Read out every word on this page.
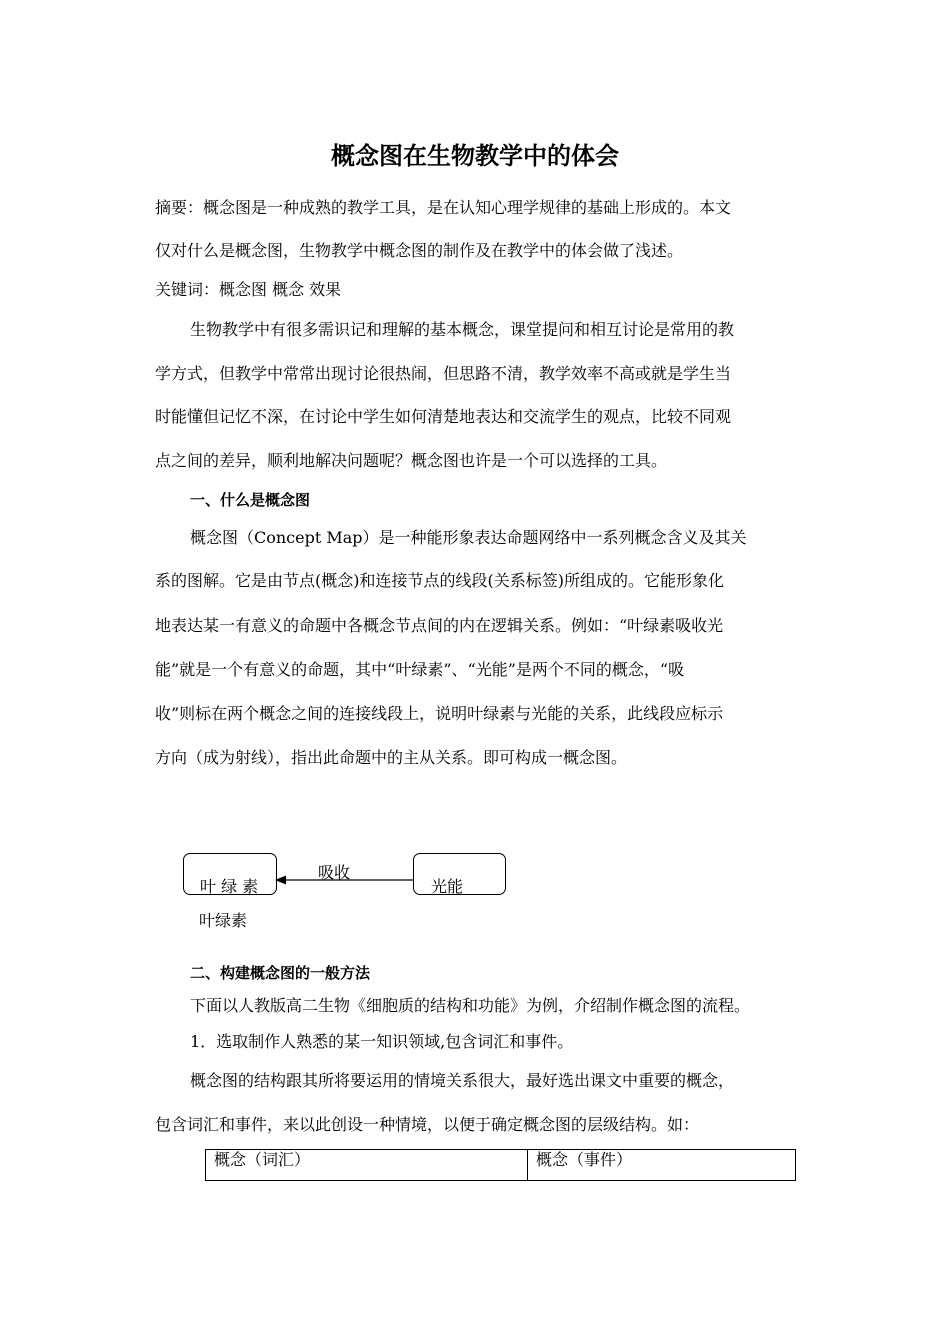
概念图在生物教学中的体会
摘要：概念图是一种成熟的教学工具，是在认知心理学规律的基础上形成的。本文
仅对什么是概念图，生物教学中概念图的制作及在教学中的体会做了浅述。
关键词：概念图 概念 效果
生物教学中有很多需识记和理解的基本概念，课堂提问和相互讨论是常用的教
学方式，但教学中常常出现讨论很热闹，但思路不清，教学效率不高或就是学生当
时能懂但记忆不深，在讨论中学生如何清楚地表达和交流学生的观点，比较不同观
点之间的差异，顺利地解决问题呢？概念图也许是一个可以选择的工具。
一、什么是概念图
概念图（Concept Map）是一种能形象表达命题网络中一系列概念含义及其关
系的图解。它是由节点(概念)和连接节点的线段(关系标签)所组成的。它能形象化
地表达某一有意义的命题中各概念节点间的内在逻辑关系。例如：“叶绿素吸收光
能”就是一个有意义的命题，其中“叶绿素”、“光能”是两个不同的概念，“吸
收”则标在两个概念之间的连接线段上，说明叶绿素与光能的关系，此线段应标示
方向（成为射线），指出此命题中的主从关系。即可构成一概念图。
叶 绿 素	光能
吸收
叶绿素
二、构建概念图的一般方法
下面以人教版高二生物《细胞质的结构和功能》为例，介绍制作概念图的流程。
1．选取制作人熟悉的某一知识领域,包含词汇和事件。
概念图的结构跟其所将要运用的情境关系很大，最好选出课文中重要的概念，
包含词汇和事件，来以此创设一种情境，以便于确定概念图的层级结构。如：
概念（词汇）	概念（事件）
